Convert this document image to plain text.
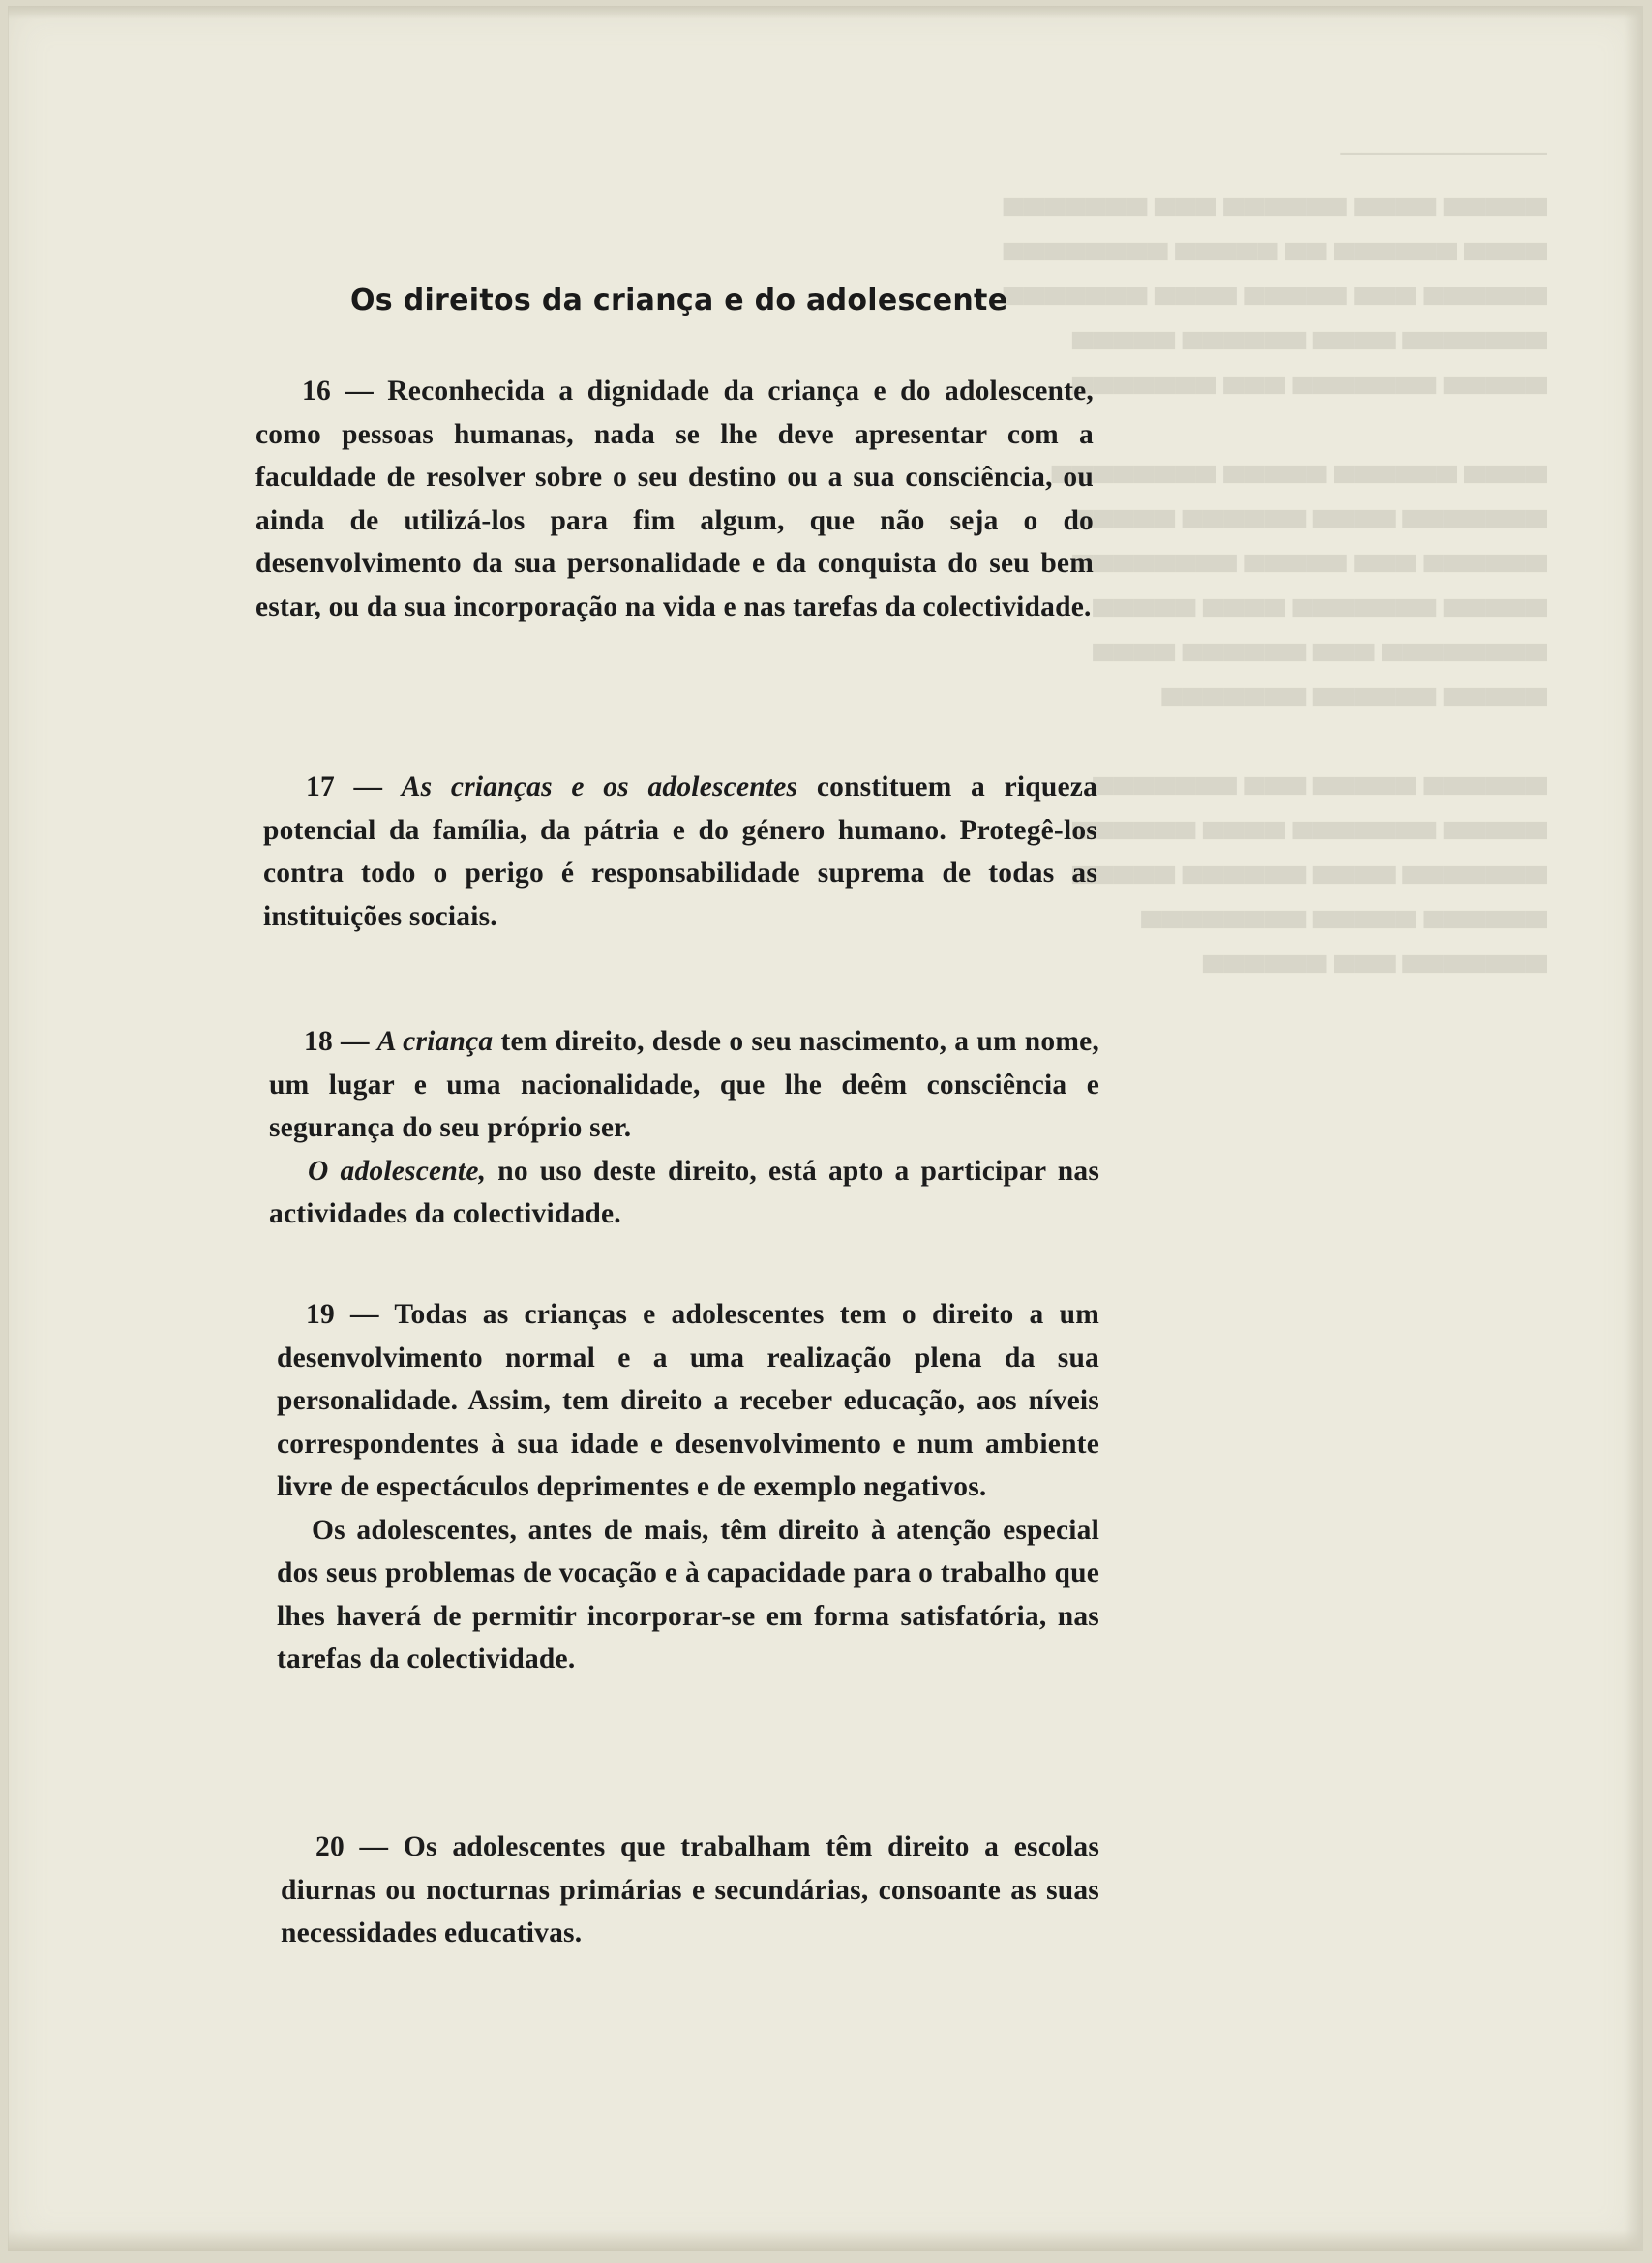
──────────
▄▄▄▄▄ ▄▄▄▄ ▄▄▄▄▄▄ ▄▄▄ ▄▄▄▄▄▄▄
▄▄▄▄ ▄▄▄▄▄▄ ▄▄ ▄▄▄▄▄ ▄▄▄▄▄▄▄▄
▄▄▄▄▄▄ ▄▄▄ ▄▄▄▄▄ ▄▄▄▄ ▄▄▄▄▄▄▄
▄▄▄▄▄▄▄ ▄▄▄▄ ▄▄▄▄▄▄ ▄▄▄▄▄
▄▄▄▄▄ ▄▄▄▄▄▄▄ ▄▄▄ ▄▄▄▄▄▄▄
▄▄▄▄ ▄▄▄▄▄▄ ▄▄▄▄▄ ▄▄▄▄▄▄▄▄
▄▄▄▄▄▄▄ ▄▄▄▄ ▄▄▄▄▄▄ ▄▄▄▄▄
▄▄▄▄▄▄ ▄▄▄ ▄▄▄▄▄ ▄▄▄▄▄▄▄▄
▄▄▄▄▄ ▄▄▄▄▄▄▄ ▄▄▄▄ ▄▄▄▄▄
▄▄▄▄▄▄▄▄ ▄▄▄ ▄▄▄▄▄▄ ▄▄▄▄
▄▄▄▄▄ ▄▄▄▄▄▄ ▄▄▄▄▄▄▄
▄▄▄▄▄▄ ▄▄▄▄▄ ▄▄▄ ▄▄▄▄▄▄▄
▄▄▄▄▄ ▄▄▄▄▄▄▄ ▄▄▄▄ ▄▄▄▄▄▄
▄▄▄▄▄▄▄ ▄▄▄▄ ▄▄▄▄▄▄ ▄▄▄▄▄
▄▄▄▄▄▄ ▄▄▄▄▄ ▄▄▄▄▄▄▄▄
▄▄▄▄▄▄▄ ▄▄▄ ▄▄▄▄▄▄
Os direitos da criança e do adolescente
16 — Reconhecida a dignidade da criança e do adolescente, como pessoas humanas, nada se lhe deve apresentar com a faculdade de resolver sobre o seu destino ou a sua consciência, ou ainda de utilizá-los para fim algum, que não seja o do desenvolvimento da sua personalidade e da conquista do seu bem estar, ou da sua incorporação na vida e nas tarefas da colectividade.
17 — As crianças e os adolescentes constituem a riqueza potencial da família, da pátria e do género humano. Protegê-los contra todo o perigo é responsabilidade suprema de todas as instituições sociais.
18 — A criança tem direito, desde o seu nascimento, a um nome, um lugar e uma nacionalidade, que lhe deêm consciência e segurança do seu próprio ser.
O adolescente, no uso deste direito, está apto a participar nas actividades da colectividade.
19 — Todas as crianças e adolescentes tem o direito a um desenvolvimento normal e a uma realização plena da sua personalidade. Assim, tem direito a receber educação, aos níveis correspondentes à sua idade e desenvolvimento e num ambiente livre de espectáculos deprimentes e de exemplo negativos.
Os adolescentes, antes de mais, têm direito à atenção especial dos seus problemas de vocação e à capacidade para o trabalho que lhes haverá de permitir incorporar-se em forma satisfatória, nas tarefas da colectividade.
20 — Os adolescentes que trabalham têm direito a escolas diurnas ou nocturnas primárias e secundárias, consoante as suas necessidades educativas.
